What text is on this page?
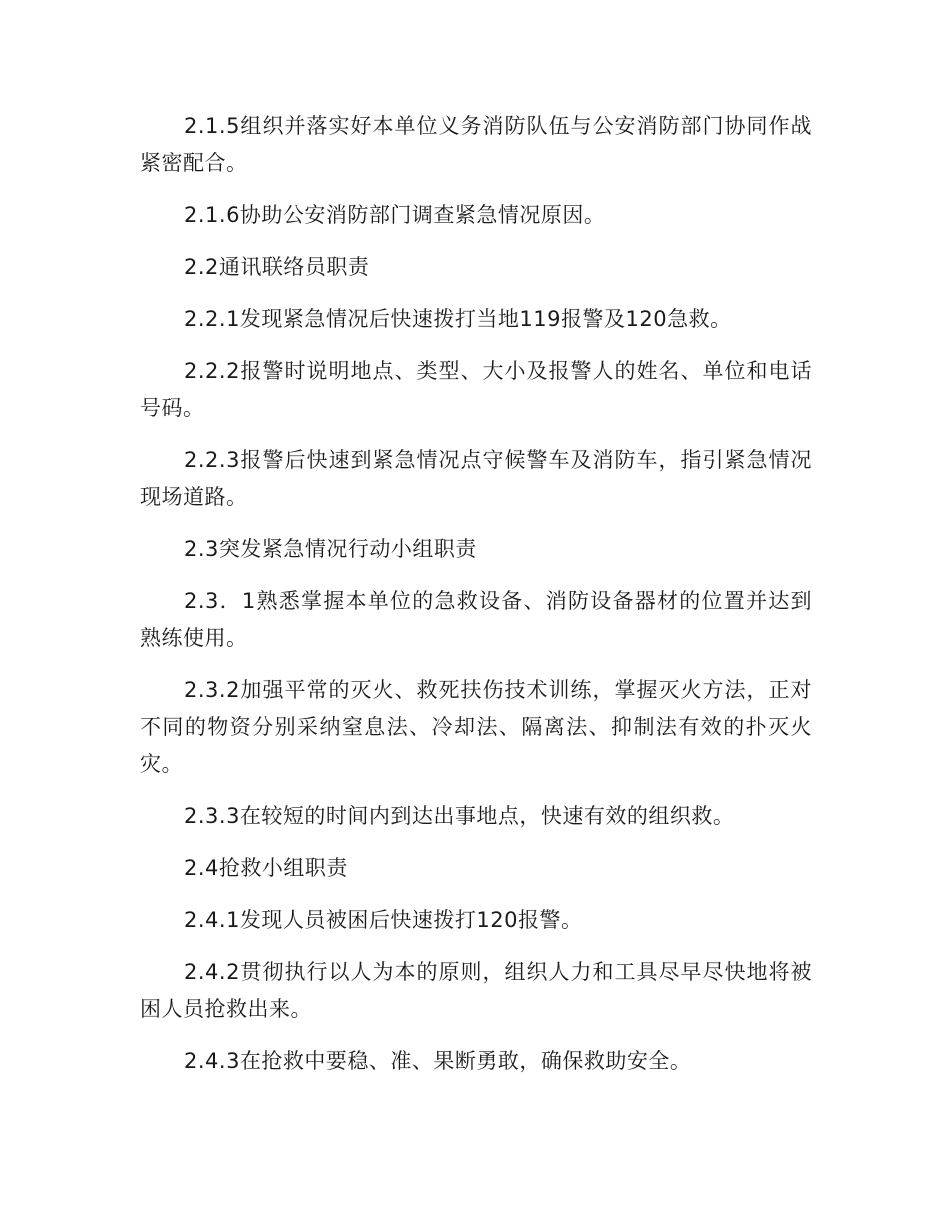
2.1.5组织并落实好本单位义务消防队伍与公安消防部门协同作战紧密配合。

2.1.6协助公安消防部门调查紧急情况原因。

2.2通讯联络员职责

2.2.1发现紧急情况后快速拨打当地119报警及120急救。

2.2.2报警时说明地点、类型、大小及报警人的姓名、单位和电话号码。

2.2.3报警后快速到紧急情况点守候警车及消防车，指引紧急情况现场道路。

2.3突发紧急情况行动小组职责

2.3．1熟悉掌握本单位的急救设备、消防设备器材的位置并达到熟练使用。

2.3.2加强平常的灭火、救死扶伤技术训练，掌握灭火方法，正对不同的物资分别采纳窒息法、冷却法、隔离法、抑制法有效的扑灭火灾。

2.3.3在较短的时间内到达出事地点，快速有效的组织救。

2.4抢救小组职责

2.4.1发现人员被困后快速拨打120报警。

2.4.2贯彻执行以人为本的原则，组织人力和工具尽早尽快地将被困人员抢救出来。

2.4.3在抢救中要稳、准、果断勇敢，确保救助安全。
